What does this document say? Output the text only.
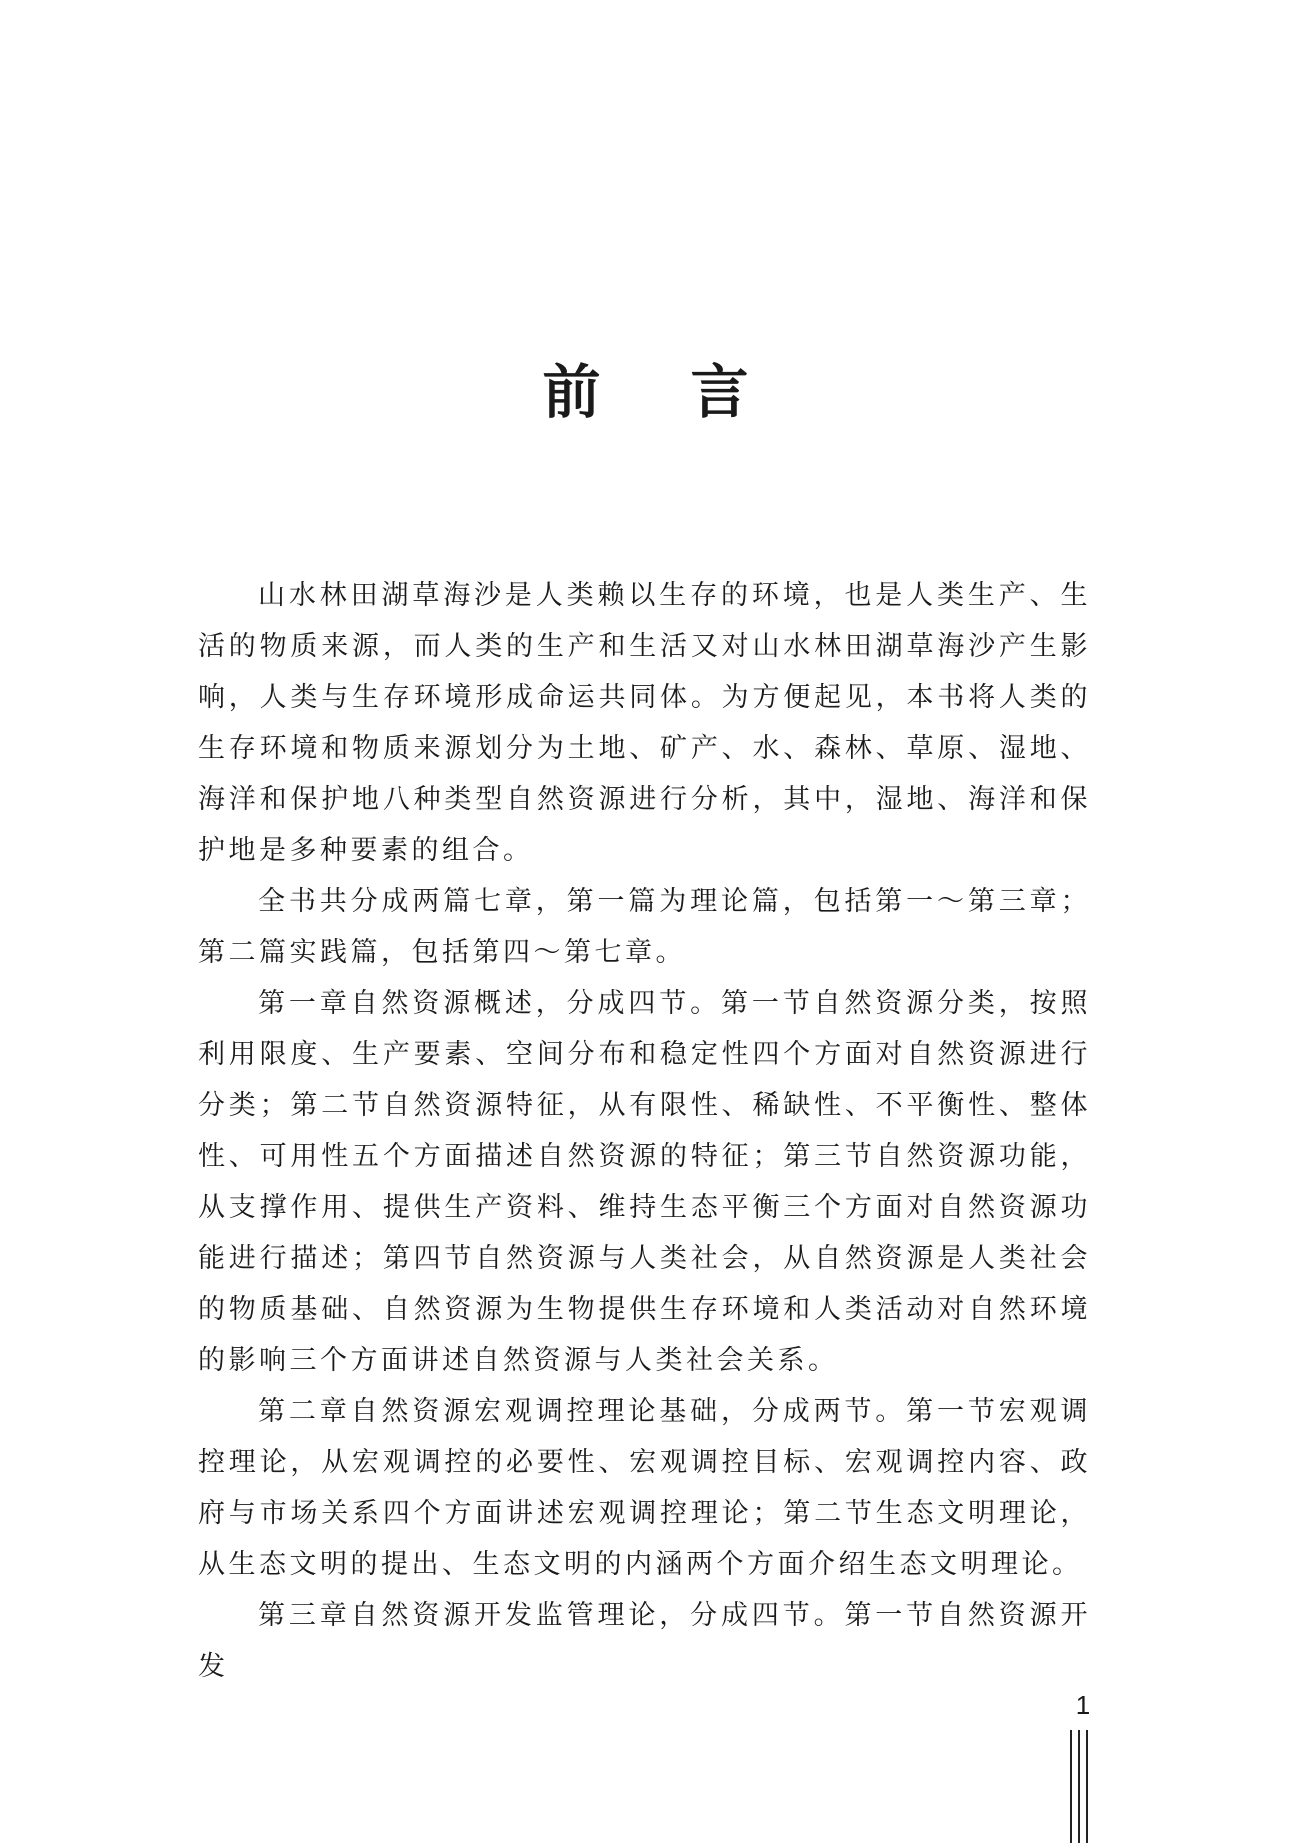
前言

山水林田湖草海沙是人类赖以生存的环境，也是人类生产、生活的物质来源，而人类的生产和生活又对山水林田湖草海沙产生影响，人类与生存环境形成命运共同体。为方便起见，本书将人类的生存环境和物质来源划分为土地、矿产、水、森林、草原、湿地、海洋和保护地八种类型自然资源进行分析，其中，湿地、海洋和保护地是多种要素的组合。

全书共分成两篇七章，第一篇为理论篇，包括第一～第三章；第二篇实践篇，包括第四～第七章。

第一章自然资源概述，分成四节。第一节自然资源分类，按照利用限度、生产要素、空间分布和稳定性四个方面对自然资源进行分类；第二节自然资源特征，从有限性、稀缺性、不平衡性、整体性、可用性五个方面描述自然资源的特征；第三节自然资源功能，从支撑作用、提供生产资料、维持生态平衡三个方面对自然资源功能进行描述；第四节自然资源与人类社会，从自然资源是人类社会的物质基础、自然资源为生物提供生存环境和人类活动对自然环境的影响三个方面讲述自然资源与人类社会关系。

第二章自然资源宏观调控理论基础，分成两节。第一节宏观调控理论，从宏观调控的必要性、宏观调控目标、宏观调控内容、政府与市场关系四个方面讲述宏观调控理论；第二节生态文明理论，从生态文明的提出、生态文明的内涵两个方面介绍生态文明理论。

第三章自然资源开发监管理论，分成四节。第一节自然资源开发

1
